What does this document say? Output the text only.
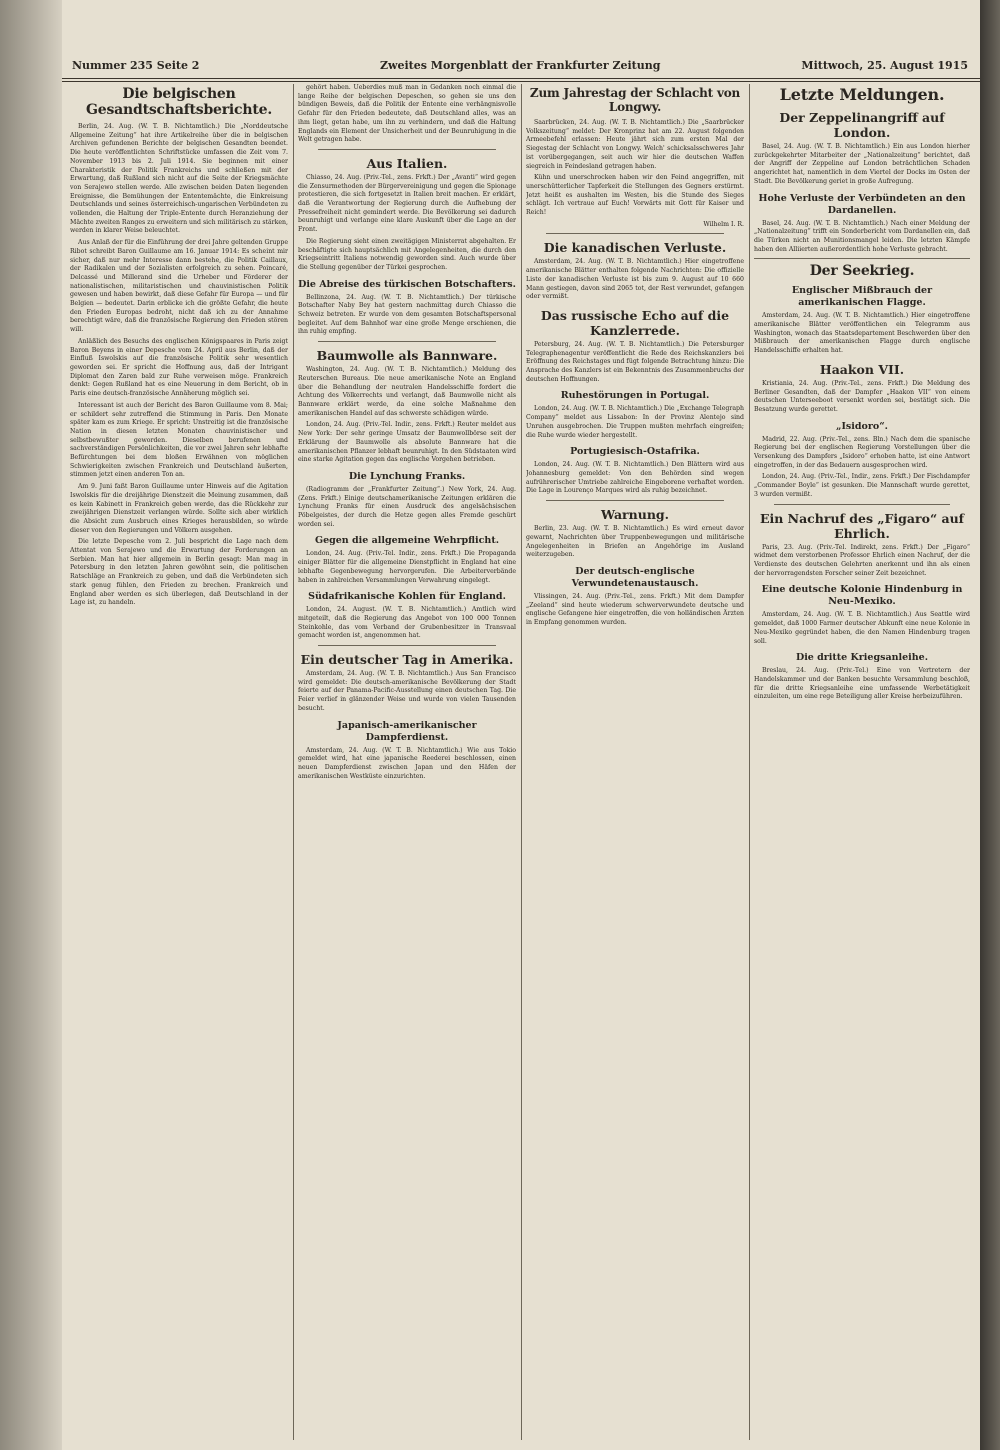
Nummer 235 Seite 2	Zweites Morgenblatt der Frankfurter Zeitung	Mittwoch, 25. August 1915
Die belgischen Gesandtschaftsberichte.

Berlin, 24. Aug. (W. T. B. Nichtamtlich.) Die „Norddeutsche Allgemeine Zeitung“ hat ihre Artikelreihe über die in belgischen Archiven gefundenen Berichte der belgischen Gesandten beendet. Die heute veröffentlichten Schriftstücke umfassen die Zeit vom 7. November 1913 bis 2. Juli 1914. Sie beginnen mit einer Charakteristik der Politik Frankreichs und schließen mit der Erwartung, daß Rußland sich nicht auf die Seite der Kriegsmächte von Serajewo stellen werde. Alle zwischen beiden Daten liegenden Ereignisse, die Bemühungen der Ententemächte, die Einkreisung Deutschlands und seines österreichisch-ungarischen Verbündeten zu vollenden, die Haltung der Triple-Entente durch Heranziehung der Mächte zweiten Ranges zu erweitern und sich militärisch zu stärken, werden in klarer Weise beleuchtet.

Aus Anlaß der für die Einführung der drei Jahre geltenden Gruppe Ribot schreibt Baron Guillaume am 16. Januar 1914: Es scheint mir sicher, daß nur mehr Interesse dann bestehe, die Politik Caillaux, der Radikalen und der Sozialisten erfolgreich zu sehen. Poincaré, Delcassé und Millerand sind die Urheber und Förderer der nationalistischen, militaristischen und chauvinistischen Politik gewesen und haben bewirkt, daß diese Gefahr für Europa — und für Belgien — bedeutet. Darin erblicke ich die größte Gefahr, die heute den Frieden Europas bedroht, nicht daß ich zu der Annahme berechtigt wäre, daß die französische Regierung den Frieden stören will.

Anläßlich des Besuchs des englischen Königspaares in Paris zeigt Baron Beyens in einer Depesche vom 24. April aus Berlin, daß der Einfluß Iswolskis auf die französische Politik sehr wesentlich geworden sei. Er spricht die Hoffnung aus, daß der Intrigant Diplomat den Zaren bald zur Ruhe verweisen möge. Frankreich denkt: Gegen Rußland hat es eine Neuerung in dem Bericht, ob in Paris eine deutsch-französische Annäherung möglich sei.

Interessant ist auch der Bericht des Baron Guillaume vom 8. Mai; er schildert sehr zutreffend die Stimmung in Paris. Den Monate später kam es zum Kriege. Er spricht: Unstreitig ist die französische Nation in diesen letzten Monaten chauvinistischer und selbstbewußter geworden. Dieselben berufenen und sachverständigen Persönlichkeiten, die vor zwei Jahren sehr lebhafte Befürchtungen bei dem bloßen Erwähnen von möglichen Schwierigkeiten zwischen Frankreich und Deutschland äußerten, stimmen jetzt einen anderen Ton an.

Am 9. Juni faßt Baron Guillaume unter Hinweis auf die Agitation Iswolskis für die dreijährige Dienstzeit die Meinung zusammen, daß es kein Kabinett in Frankreich geben werde, das die Rückkehr zur zweijährigen Dienstzeit verlangen würde. Sollte sich aber wirklich die Absicht zum Ausbruch eines Krieges herausbilden, so würde dieser von den Regierungen und Völkern ausgehen.

Die letzte Depesche vom 2. Juli bespricht die Lage nach dem Attentat von Serajewo und die Erwartung der Forderungen an Serbien. Man hat hier allgemein in Berlin gesagt: Man mag in Petersburg in den letzten Jahren gewöhnt sein, die politischen Ratschläge an Frankreich zu geben, und daß die Verbündeten sich stark genug fühlen, den Frieden zu brechen. Frankreich und England aber werden es sich überlegen, daß Deutschland in der Lage ist, zu handeln.

gehört haben. Ueberdies muß man in Gedanken noch einmal die lange Reihe der belgischen Depeschen, so gehen sie uns den bündigen Beweis, daß die Politik der Entente eine verhängnisvolle Gefahr für den Frieden bedeutete, daß Deutschland alles, was an ihm liegt, getan habe, um ihn zu verhindern, und daß die Haltung Englands ein Element der Unsicherheit und der Beunruhigung in die Welt getragen habe.

Aus Italien.

Chiasso, 24. Aug. (Priv.-Tel., zens. Frkft.) Der „Avanti“ wird gegen die Zensurmethoden der Bürgervereinigung und gegen die Spionage protestieren, die sich fortgesetzt in Italien breit machen. Er erklärt, daß die Verantwortung der Regierung durch die Aufhebung der Pressefreiheit nicht gemindert werde. Die Bevölkerung sei dadurch beunruhigt und verlange eine klare Auskunft über die Lage an der Front.

Die Regierung sieht einen zweitägigen Ministerrat abgehalten. Er beschäftigte sich hauptsächlich mit Angelegenheiten, die durch den Kriegseintritt Italiens notwendig geworden sind. Auch wurde über die Stellung gegenüber der Türkei gesprochen.

Die Abreise des türkischen Botschafters.

Bellinzona, 24. Aug. (W. T. B. Nichtamtlich.) Der türkische Botschafter Naby Bey hat gestern nachmittag durch Chiasso die Schweiz betreten. Er wurde von dem gesamten Botschaftspersonal begleitet. Auf dem Bahnhof war eine große Menge erschienen, die ihn ruhig empfing.

Baumwolle als Bannware.

Washington, 24. Aug. (W. T. B. Nichtamtlich.) Meldung des Reuterschen Bureaus. Die neue amerikanische Note an England über die Behandlung der neutralen Handelsschiffe fordert die Achtung des Völkerrechts und verlangt, daß Baumwolle nicht als Bannware erklärt werde, da eine solche Maßnahme den amerikanischen Handel auf das schwerste schädigen würde.

London, 24. Aug. (Priv.-Tel. Indir., zens. Frkft.) Reuter meldet aus New York: Der sehr geringe Umsatz der Baumwollbörse seit der Erklärung der Baumwolle als absolute Bannware hat die amerikanischen Pflanzer lebhaft beunruhigt. In den Südstaaten wird eine starke Agitation gegen das englische Vorgehen betrieben.

Die Lynchung Franks.

(Radiogramm der „Frankfurter Zeitung“.) New York, 24. Aug. (Zens. Frkft.) Einige deutschamerikanische Zeitungen erklären die Lynchung Franks für einen Ausdruck des angelsächsischen Pöbelgeistes, der durch die Hetze gegen alles Fremde geschürt worden sei.

Gegen die allgemeine Wehrpflicht.

London, 24. Aug. (Priv.-Tel. Indir., zens. Frkft.) Die Propaganda einiger Blätter für die allgemeine Dienstpflicht in England hat eine lebhafte Gegenbewegung hervorgerufen. Die Arbeiterverbände haben in zahlreichen Versammlungen Verwahrung eingelegt.

Südafrikanische Kohlen für England.

London, 24. August. (W. T. B. Nichtamtlich.) Amtlich wird mitgeteilt, daß die Regierung das Angebot von 100 000 Tonnen Steinkohle, das vom Verband der Grubenbesitzer in Transvaal gemacht worden ist, angenommen hat.

Ein deutscher Tag in Amerika.

Amsterdam, 24. Aug. (W. T. B. Nichtamtlich.) Aus San Francisco wird gemeldet: Die deutsch-amerikanische Bevölkerung der Stadt feierte auf der Panama-Pacific-Ausstellung einen deutschen Tag. Die Feier verlief in glänzender Weise und wurde von vielen Tausenden besucht.

Japanisch-amerikanischer Dampferdienst.

Amsterdam, 24. Aug. (W. T. B. Nichtamtlich.) Wie aus Tokio gemeldet wird, hat eine japanische Reederei beschlossen, einen neuen Dampferdienst zwischen Japan und den Häfen der amerikanischen Westküste einzurichten.

Zum Jahrestag der Schlacht von Longwy.

Saarbrücken, 24. Aug. (W. T. B. Nichtamtlich.) Die „Saarbrücker Volkszeitung“ meldet: Der Kronprinz hat am 22. August folgenden Armeebefehl erlassen: Heute jährt sich zum ersten Mal der Siegestag der Schlacht von Longwy. Welch' schicksalsschweres Jahr ist vorübergegangen, seit auch wir hier die deutschen Waffen siegreich in Feindesland getragen haben.

Kühn und unerschrocken haben wir den Feind angegriffen, mit unerschütterlicher Tapferkeit die Stellungen des Gegners erstürmt. Jetzt heißt es aushalten im Westen, bis die Stunde des Sieges schlägt. Ich vertraue auf Euch! Vorwärts mit Gott für Kaiser und Reich!

Wilhelm I. R.

Die kanadischen Verluste.

Amsterdam, 24. Aug. (W. T. B. Nichtamtlich.) Hier eingetroffene amerikanische Blätter enthalten folgende Nachrichten: Die offizielle Liste der kanadischen Verluste ist bis zum 9. August auf 10 660 Mann gestiegen, davon sind 2065 tot, der Rest verwundet, gefangen oder vermißt.

Das russische Echo auf die Kanzlerrede.

Petersburg, 24. Aug. (W. T. B. Nichtamtlich.) Die Petersburger Telegraphenagentur veröffentlicht die Rede des Reichskanzlers bei Eröffnung des Reichstages und fügt folgende Betrachtung hinzu: Die Ansprache des Kanzlers ist ein Bekenntnis des Zusammenbruchs der deutschen Hoffnungen.

Ruhestörungen in Portugal.

London, 24. Aug. (W. T. B. Nichtamtlich.) Die „Exchange Telegraph Company“ meldet aus Lissabon: In der Provinz Alentejo sind Unruhen ausgebrochen. Die Truppen mußten mehrfach eingreifen; die Ruhe wurde wieder hergestellt.

Portugiesisch-Ostafrika.

London, 24. Aug. (W. T. B. Nichtamtlich.) Den Blättern wird aus Johannesburg gemeldet: Von den Behörden sind wegen aufrührerischer Umtriebe zahlreiche Eingeborene verhaftet worden. Die Lage in Lourenço Marques wird als ruhig bezeichnet.

Warnung.

Berlin, 23. Aug. (W. T. B. Nichtamtlich.) Es wird erneut davor gewarnt, Nachrichten über Truppenbewegungen und militärische Angelegenheiten in Briefen an Angehörige im Ausland weiterzugeben.

Der deutsch-englische Verwundetenaustausch.

Vlissingen, 24. Aug. (Priv.-Tel., zens. Frkft.) Mit dem Dampfer „Zeeland“ sind heute wiederum schwerverwundete deutsche und englische Gefangene hier eingetroffen, die von holländischen Ärzten in Empfang genommen wurden.

Letzte Meldungen.
Der Zeppelinangriff auf London.

Basel, 24. Aug. (W. T. B. Nichtamtlich.) Ein aus London hierher zurückgekehrter Mitarbeiter der „Nationalzeitung“ berichtet, daß der Angriff der Zeppeline auf London beträchtlichen Schaden angerichtet hat, namentlich in dem Viertel der Docks im Osten der Stadt. Die Bevölkerung geriet in große Aufregung.

Hohe Verluste der Verbündeten an den Dardanellen.

Basel, 24. Aug. (W. T. B. Nichtamtlich.) Nach einer Meldung der „Nationalzeitung“ trifft ein Sonderbericht vom Dardanellen ein, daß die Türken nicht an Munitionsmangel leiden. Die letzten Kämpfe haben den Alliierten außerordentlich hohe Verluste gebracht.

Der Seekrieg.
Englischer Mißbrauch der amerikanischen Flagge.

Amsterdam, 24. Aug. (W. T. B. Nichtamtlich.) Hier eingetroffene amerikanische Blätter veröffentlichen ein Telegramm aus Washington, wonach das Staatsdepartement Beschwerden über den Mißbrauch der amerikanischen Flagge durch englische Handelsschiffe erhalten hat.

Haakon VII.

Kristiania, 24. Aug. (Priv.-Tel., zens. Frkft.) Die Meldung des Berliner Gesandten, daß der Dampfer „Haakon VII“ von einem deutschen Unterseeboot versenkt worden sei, bestätigt sich. Die Besatzung wurde gerettet.

„Isidoro“.

Madrid, 22. Aug. (Priv.-Tel., zens. Bln.) Nach dem die spanische Regierung bei der englischen Regierung Vorstellungen über die Versenkung des Dampfers „Isidoro“ erhoben hatte, ist eine Antwort eingetroffen, in der das Bedauern ausgesprochen wird.

London, 24. Aug. (Priv.-Tel., Indir., zens. Frkft.) Der Fischdampfer „Commander Boyle“ ist gesunken. Die Mannschaft wurde gerettet, 3 wurden vermißt.

Ein Nachruf des „Figaro“ auf Ehrlich.

Paris, 23. Aug. (Priv.-Tel. Indirekt, zens. Frkft.) Der „Figaro“ widmet dem verstorbenen Professor Ehrlich einen Nachruf, der die Verdienste des deutschen Gelehrten anerkennt und ihn als einen der hervorragendsten Forscher seiner Zeit bezeichnet.

Eine deutsche Kolonie Hindenburg in Neu-Mexiko.

Amsterdam, 24. Aug. (W. T. B. Nichtamtlich.) Aus Seattle wird gemeldet, daß 1000 Farmer deutscher Abkunft eine neue Kolonie in Neu-Mexiko gegründet haben, die den Namen Hindenburg tragen soll.

Die dritte Kriegsanleihe.

Breslau, 24. Aug. (Priv.-Tel.) Eine von Vertretern der Handelskammer und der Banken besuchte Versammlung beschloß, für die dritte Kriegsanleihe eine umfassende Werbetätigkeit einzuleiten, um eine rege Beteiligung aller Kreise herbeizuführen.
